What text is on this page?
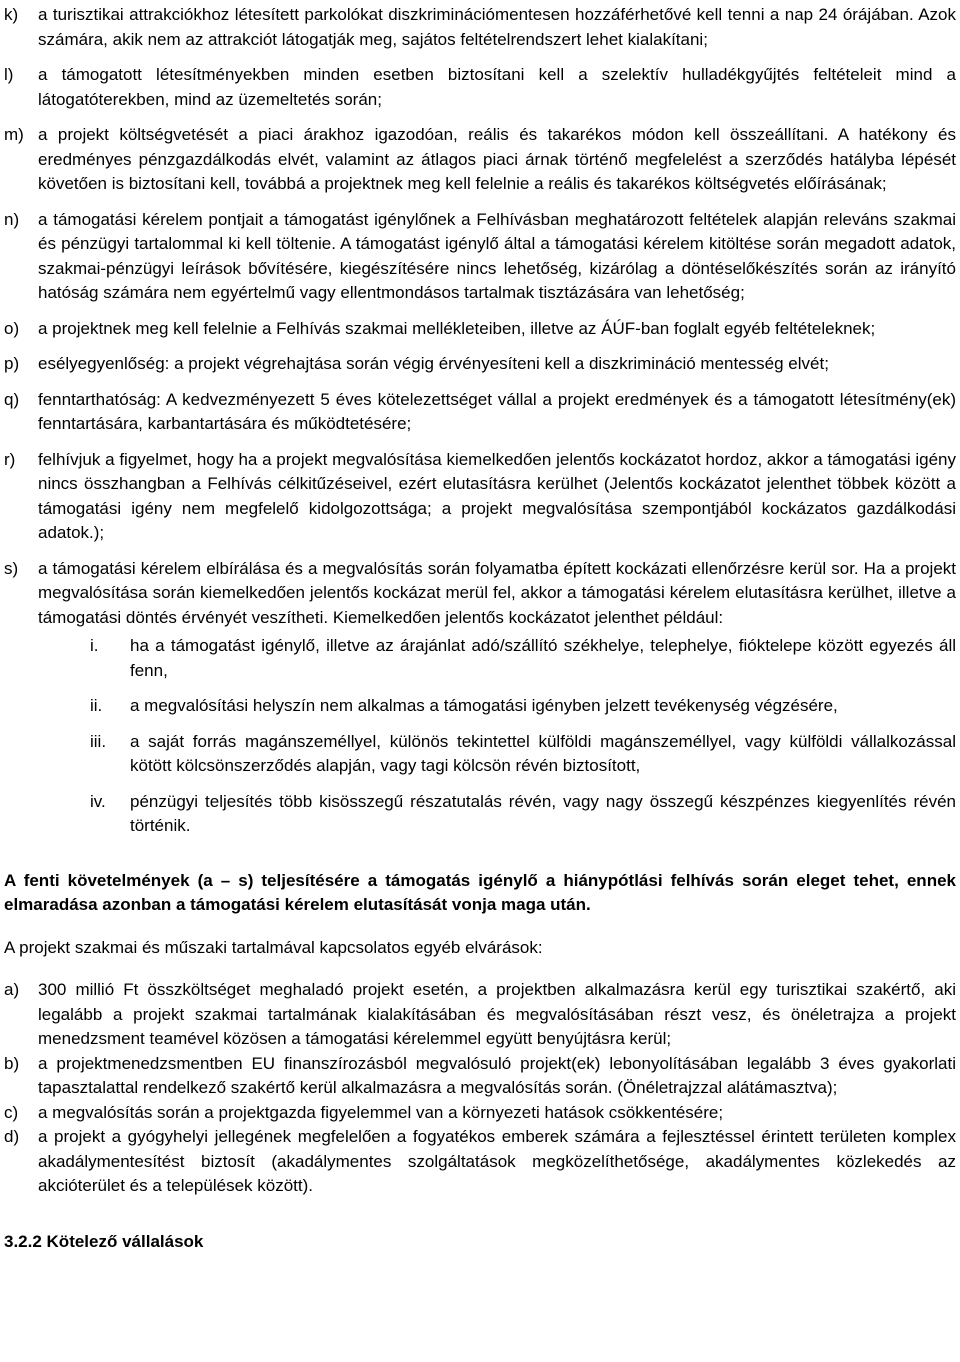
k)	a turisztikai attrakciókhoz létesített parkolókat diszkriminációmentesen hozzáférhetővé kell tenni a nap 24 órájában. Azok számára, akik nem az attrakciót látogatják meg, sajátos feltételrendszert lehet kialakítani;
l)	a támogatott létesítményekben minden esetben biztosítani kell a szelektív hulladékgyűjtés feltételeit mind a látogatóterekben, mind az üzemeltetés során;
m) a projekt költségvetését a piaci árakhoz igazodóan, reális és takarékos módon kell összeállítani. A hatékony és eredményes pénzgazdálkodás elvét, valamint az átlagos piaci árnak történő megfelelést a szerződés hatályba lépését követően is biztosítani kell, továbbá a projektnek meg kell felelnie a reális és takarékos költségvetés előírásának;
n)	a támogatási kérelem pontjait a támogatást igénylőnek a Felhívásban meghatározott feltételek alapján releváns szakmai és pénzügyi tartalommal ki kell töltenie. A támogatást igénylő által a támogatási kérelem kitöltése során megadott adatok, szakmai-pénzügyi leírások bővítésére, kiegészítésére nincs lehetőség, kizárólag a döntéselőkészítés során az irányító hatóság számára nem egyértelmű vagy ellentmondásos tartalmak tisztázására van lehetőség;
o)	a projektnek meg kell felelnie a Felhívás szakmai mellékleteiben, illetve az ÁÚF-ban foglalt egyéb feltételeknek;
p)	esélyegyenlőség: a projekt végrehajtása során végig érvényesíteni kell a diszkrimináció mentesség elvét;
q)	fenntarthatóság: A kedvezményezett 5 éves kötelezettséget vállal a projekt eredmények és a támogatott létesítmény(ek) fenntartására, karbantartására és működtetésére;
r)	felhívjuk a figyelmet, hogy ha a projekt megvalósítása kiemelkedően jelentős kockázatot hordoz, akkor a támogatási igény nincs összhangban a Felhívás célkitűzéseivel, ezért elutasításra kerülhet (Jelentős kockázatot jelenthet többek között a támogatási igény nem megfelelő kidolgozottsága; a projekt megvalósítása szempontjából kockázatos gazdálkodási adatok.);
s)	a támogatási kérelem elbírálása és a megvalósítás során folyamatba épített kockázati ellenőrzésre kerül sor. Ha a projekt megvalósítása során kiemelkedően jelentős kockázat merül fel, akkor a támogatási kérelem elutasításra kerülhet, illetve a támogatási döntés érvényét veszítheti. Kiemelkedően jelentős kockázatot jelenthet például:
i.	ha a támogatást igénylő, illetve az árajánlat adó/szállító székhelye, telephelye, fióktelepe között egyezés áll fenn,
ii.	a megvalósítási helyszín nem alkalmas a támogatási igényben jelzett tevékenység végzésére,
iii.	a saját forrás magánszeméllyel, különös tekintettel külföldi magánszeméllyel, vagy külföldi vállalkozással kötött kölcsönszerződés alapján, vagy tagi kölcsön révén biztosított,
iv.	pénzügyi teljesítés több kisösszegű részatutalás révén, vagy nagy összegű készpénzes kiegyenlítés révén történik.
A fenti követelmények (a – s) teljesítésére a támogatás igénylő a hiánypótlási felhívás során eleget tehet, ennek elmaradása azonban a támogatási kérelem elutasítását vonja maga után.
A projekt szakmai és műszaki tartalmával kapcsolatos egyéb elvárások:
a)	300 millió Ft összköltséget meghaladó projekt esetén, a projektben alkalmazásra kerül egy turisztikai szakértő, aki legalább a projekt szakmai tartalmának kialakításában és megvalósításában részt vesz, és önéletrajza a projekt menedzsment teamével közösen a támogatási kérelemmel együtt benyújtásra kerül;
b)	a projektmenedzsmentben EU finanszírozásból megvalósuló projekt(ek) lebonyolításában legalább 3 éves gyakorlati tapasztalattal rendelkező szakértő kerül alkalmazásra a megvalósítás során. (Önéletrajzzal alátámasztva);
c)	a megvalósítás során a projektgazda figyelemmel van a környezeti hatások csökkentésére;
d)	a projekt a gyógyhelyi jellegének megfelelően a fogyatékos emberek számára a fejlesztéssel érintett területen komplex akadálymentesítést biztosít (akadálymentes szolgáltatások megközelíthetősége, akadálymentes közlekedés az akcióterület és a települések között).
3.2.2 Kötelező vállalások
